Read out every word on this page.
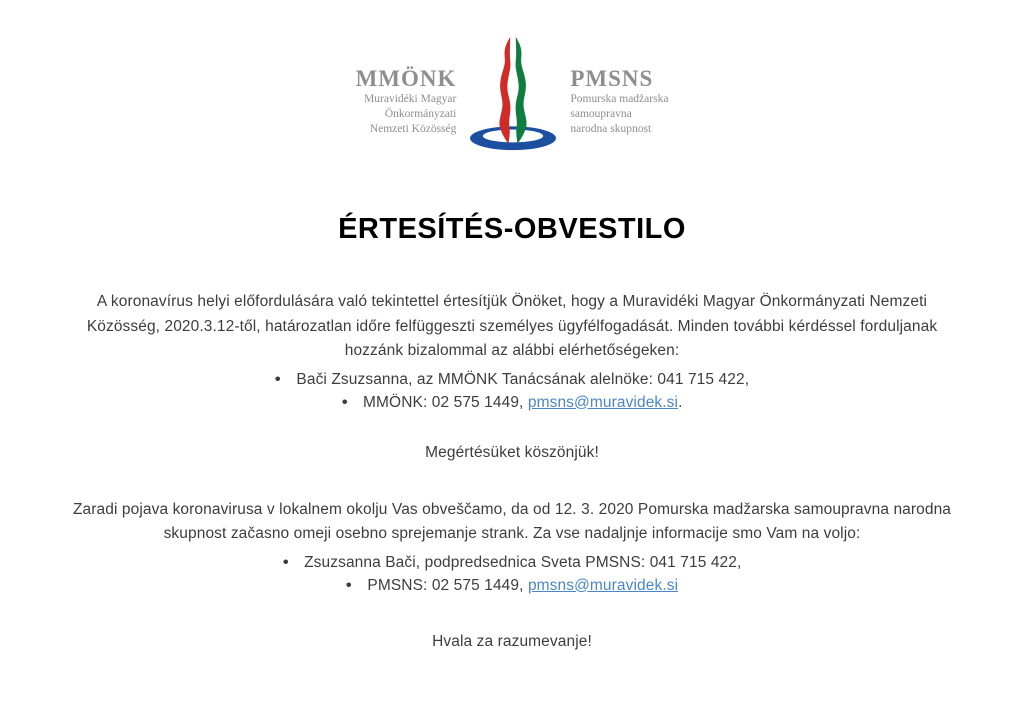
MMÖNK
Muravidéki Magyar
Önkormányzati
Nemzeti Közösség
PMSNS
Pomurska madžarska
samoupravna
narodna skupnost
ÉRTESÍTÉS-OBVESTILO

A koronavírus helyi előfordulására való tekintettel értesítjük Önöket, hogy a Muravidéki Magyar Önkormányzati Nemzeti Közösség, 2020.3.12-től, határozatlan időre felfüggeszti személyes ügyfélfogadását. Minden további kérdéssel forduljanak hozzánk bizalommal az alábbi elérhetőségeken:

• Bači Zsuzsanna, az MMÖNK Tanácsának alelnöke: 041 715 422,
• MMÖNK: 02 575 1449, pmsns@muravidek.si.

Megértésüket köszönjük!

Zaradi pojava koronavirusa v lokalnem okolju Vas obveščamo, da od 12. 3. 2020 Pomurska madžarska samoupravna narodna skupnost začasno omeji osebno sprejemanje strank. Za vse nadaljnje informacije smo Vam na voljo:

• Zsuzsanna Bači, podpredsednica Sveta PMSNS: 041 715 422,
• PMSNS: 02 575 1449, pmsns@muravidek.si

Hvala za razumevanje!
